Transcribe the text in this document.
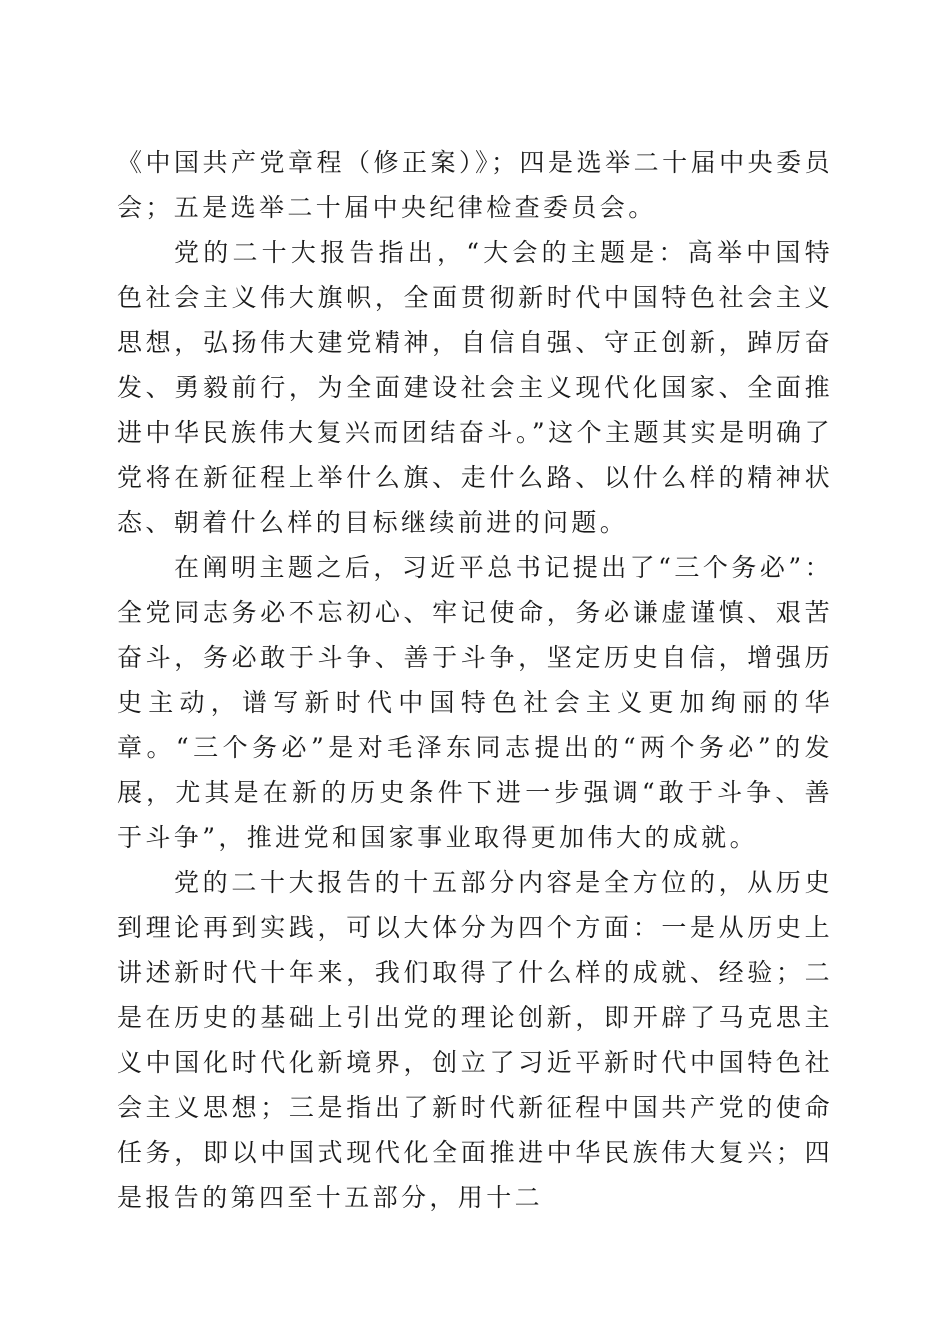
《中国共产党章程（修正案）》；四是选举二十届中央委员会；五是选举二十届中央纪律检查委员会。

党的二十大报告指出，“大会的主题是：高举中国特色社会主义伟大旗帜，全面贯彻新时代中国特色社会主义思想，弘扬伟大建党精神，自信自强、守正创新，踔厉奋发、勇毅前行，为全面建设社会主义现代化国家、全面推进中华民族伟大复兴而团结奋斗。”这个主题其实是明确了党将在新征程上举什么旗、走什么路、以什么样的精神状态、朝着什么样的目标继续前进的问题。

在阐明主题之后，习近平总书记提出了“三个务必”：全党同志务必不忘初心、牢记使命，务必谦虚谨慎、艰苦奋斗，务必敢于斗争、善于斗争，坚定历史自信，增强历史主动，谱写新时代中国特色社会主义更加绚丽的华章。“三个务必”是对毛泽东同志提出的“两个务必”的发展，尤其是在新的历史条件下进一步强调“敢于斗争、善于斗争”，推进党和国家事业取得更加伟大的成就。

党的二十大报告的十五部分内容是全方位的，从历史到理论再到实践，可以大体分为四个方面：一是从历史上讲述新时代十年来，我们取得了什么样的成就、经验；二是在历史的基础上引出党的理论创新，即开辟了马克思主义中国化时代化新境界，创立了习近平新时代中国特色社会主义思想；三是指出了新时代新征程中国共产党的使命任务，即以中国式现代化全面推进中华民族伟大复兴；四是报告的第四至十五部分，用十二
